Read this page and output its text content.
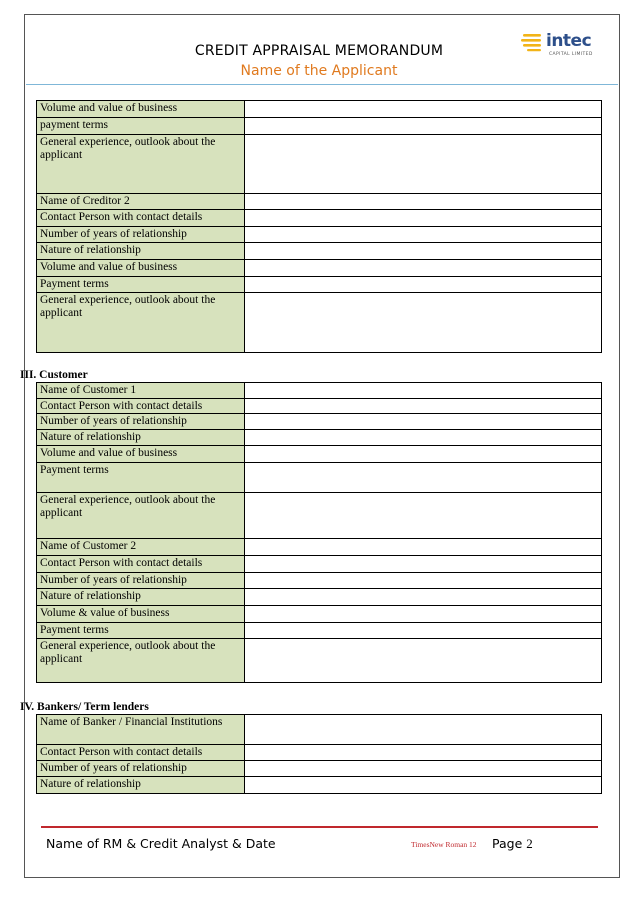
CREDIT APPRAISAL MEMORANDUM
Name of the Applicant
intec
CAPITAL LIMITED
Volume and value of business	
payment terms	
General experience, outlook about the applicant	
Name of Creditor 2	
Contact Person with contact details	
Number of years of relationship	
Nature of relationship	
Volume and value of business	
Payment terms	
General experience, outlook about the applicant	
III. Customer
Name of Customer 1	
Contact Person with contact details	
Number of years of relationship	
Nature of relationship	
Volume and value of business	
Payment terms	
General experience, outlook about the applicant	
Name of Customer 2	
Contact Person with contact details	
Number of years of relationship	
Nature of relationship	
Volume & value of business	
Payment terms	
General experience, outlook about the applicant	
IV. Bankers/ Term lenders
Name of Banker / Financial Institutions	
Contact Person with contact details	
Number of years of relationship	
Nature of relationship	
Name of RM & Credit Analyst & Date	TimesNew Roman 12 Page 2
